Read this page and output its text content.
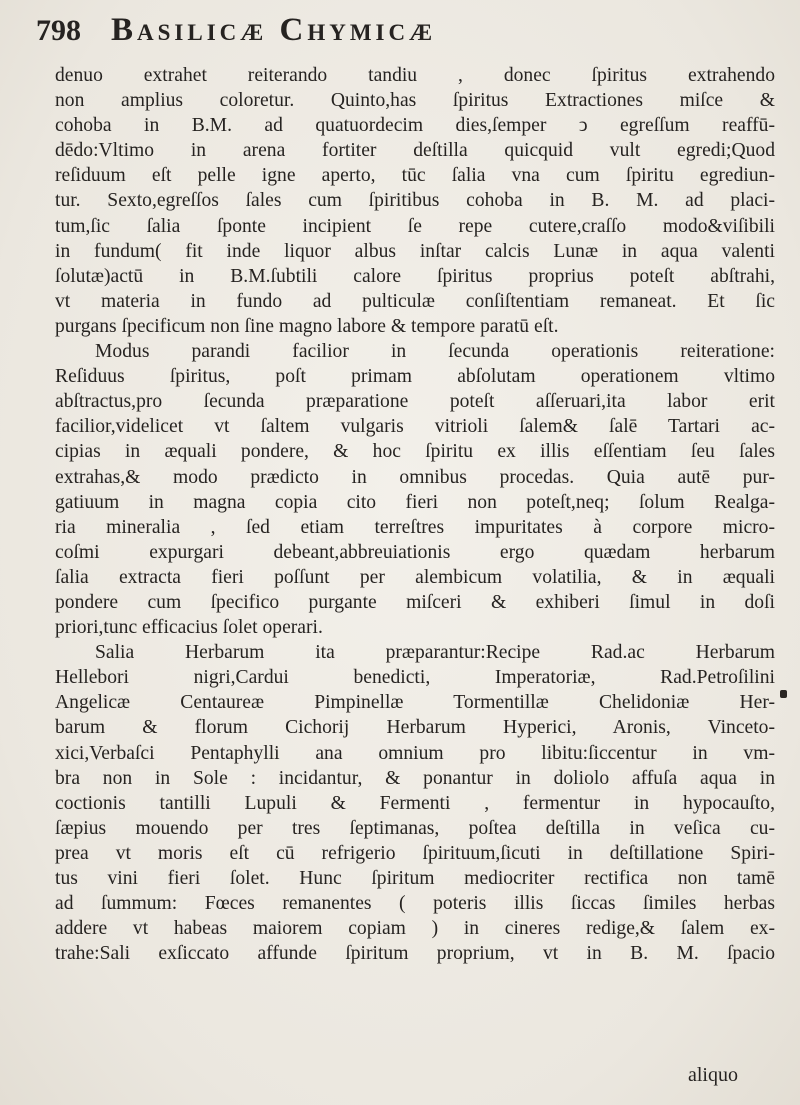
798 Basilicæ Chymicæ
denuo extrahet reiterando tandiu , donec ſpiritus extrahendo
non amplius coloretur. Quinto,has ſpiritus Extractiones miſce &
cohoba in B.M. ad quatuordecim dies,ſemper ↄ egreſſum reaffū-
dēdo:Vltimo in arena fortiter deſtilla quicquid vult egredi;Quod
reſiduum eſt pelle igne aperto, tūc ſalia vna cum ſpiritu egrediun-
tur. Sexto,egreſſos ſales cum ſpiritibus cohoba in B. M. ad placi-
tum,ſic ſalia ſponte incipient ſe repe cutere,craſſo modo&viſibili
in fundum( fit inde liquor albus inſtar calcis Lunæ in aqua valenti
ſolutæ)actū in B.M.ſubtili calore ſpiritus proprius poteſt abſtrahi,
vt materia in fundo ad pulticulæ conſiſtentiam remaneat. Et ſic
purgans ſpecificum non ſine magno labore & tempore paratū eſt.
Modus parandi facilior in ſecunda operationis reiteratione:
Reſiduus ſpiritus, poſt primam abſolutam operationem vltimo
abſtractus,pro ſecunda præparatione poteſt aſſeruari,ita labor erit
facilior,videlicet vt ſaltem vulgaris vitrioli ſalem& ſalē Tartari ac-
cipias in æquali pondere, & hoc ſpiritu ex illis eſſentiam ſeu ſales
extrahas,& modo prædicto in omnibus procedas. Quia autē pur-
gatiuum in magna copia cito fieri non poteſt,neq; ſolum Realga-
ria mineralia , ſed etiam terreſtres impuritates à corpore micro-
coſmi expurgari debeant,abbreuiationis ergo quædam herbarum
ſalia extracta fieri poſſunt per alembicum volatilia, & in æquali
pondere cum ſpecifico purgante miſceri & exhiberi ſimul in doſi
priori,tunc efficacius ſolet operari.
Salia Herbarum ita præparantur:Recipe Rad.ac Herbarum
Hellebori nigri,Cardui benedicti, Imperatoriæ, Rad.Petroſilini
Angelicæ Centaureæ Pimpinellæ Tormentillæ Chelidoniæ Her-
barum & florum Cichorij Herbarum Hyperici, Aronis, Vinceto-
xici,Verbaſci Pentaphylli ana omnium pro libitu:ſiccentur in vm-
bra non in Sole : incidantur, & ponantur in doliolo affuſa aqua in
coctionis tantilli Lupuli & Fermenti , fermentur in hypocauſto,
ſæpius mouendo per tres ſeptimanas, poſtea deſtilla in veſica cu-
prea vt moris eſt cū refrigerio ſpirituum,ſicuti in deſtillatione Spiri-
tus vini fieri ſolet. Hunc ſpiritum mediocriter rectifica non tamē
ad ſummum: Fœces remanentes ( poteris illis ſiccas ſimiles herbas
addere vt habeas maiorem copiam ) in cineres redige,& ſalem ex-
trahe:Sali exſiccato affunde ſpiritum proprium, vt in B. M. ſpacio
aliquo
